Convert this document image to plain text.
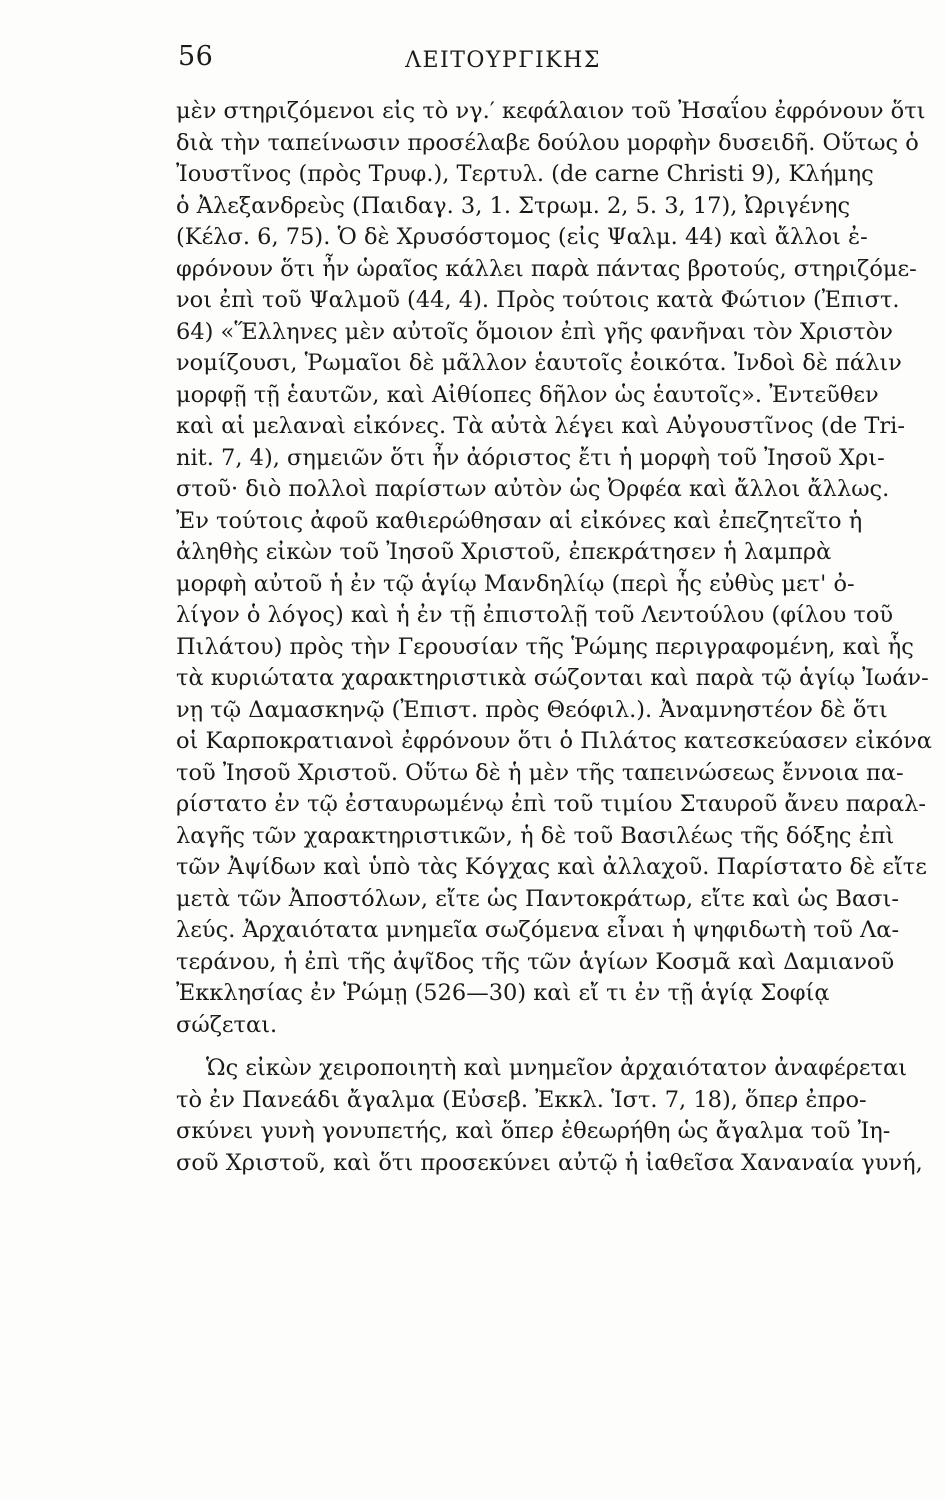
56	ΛΕΙΤΟΥΡΓΙΚΗΣ
μὲν στηριζόμενοι εἰς τὸ νγ.′ κεφάλαιον τοῦ Ἠσαΐου ἐφρόνουν ὅτι
διὰ τὴν ταπείνωσιν προσέλαβε δούλου μορφὴν δυσειδῆ. Οὕτως ὁ
Ἰουστῖνος (πρὸς Τρυφ.), Τερτυλ. (de carne Christi 9), Κλήμης
ὁ Ἀλεξανδρεὺς (Παιδαγ. 3, 1. Στρωμ. 2, 5. 3, 17), Ὠριγένης
(Κέλσ. 6, 75). Ὁ δὲ Χρυσόστομος (εἰς Ψαλμ. 44) καὶ ἄλλοι ἐ-
φρόνουν ὅτι ἦν ὡραῖος κάλλει παρὰ πάντας βροτούς, στηριζόμε-
νοι ἐπὶ τοῦ Ψαλμοῦ (44, 4). Πρὸς τούτοις κατὰ Φώτιον (Ἐπιστ.
64) «Ἕλληνες μὲν αὐτοῖς ὅμοιον ἐπὶ γῆς φανῆναι τὸν Χριστὸν
νομίζουσι, Ῥωμαῖοι δὲ μᾶλλον ἑαυτοῖς ἐοικότα. Ἰνδοὶ δὲ πάλιν
μορφῇ τῇ ἑαυτῶν, καὶ Αἰθίοπες δῆλον ὡς ἑαυτοῖς». Ἐντεῦθεν
καὶ αἱ μελαναὶ εἰκόνες. Τὰ αὐτὰ λέγει καὶ Αὐγουστῖνος (de Tri-
nit. 7, 4), σημειῶν ὅτι ἦν ἀόριστος ἔτι ἡ μορφὴ τοῦ Ἰησοῦ Χρι-
στοῦ· διὸ πολλοὶ παρίστων αὐτὸν ὡς Ὀρφέα καὶ ἄλλοι ἄλλως.
Ἐν τούτοις ἀφοῦ καθιερώθησαν αἱ εἰκόνες καὶ ἐπεζητεῖτο ἡ
ἀληθὴς εἰκὼν τοῦ Ἰησοῦ Χριστοῦ, ἐπεκράτησεν ἡ λαμπρὰ
μορφὴ αὐτοῦ ἡ ἐν τῷ ἁγίῳ Μανδηλίῳ (περὶ ἧς εὐθὺς μετ' ὀ-
λίγον ὁ λόγος) καὶ ἡ ἐν τῇ ἐπιστολῇ τοῦ Λεντούλου (φίλου τοῦ
Πιλάτου) πρὸς τὴν Γερουσίαν τῆς Ῥώμης περιγραφομένη, καὶ ἧς
τὰ κυριώτατα χαρακτηριστικὰ σώζονται καὶ παρὰ τῷ ἁγίῳ Ἰωάν-
νῃ τῷ Δαμασκηνῷ (Ἐπιστ. πρὸς Θεόφιλ.). Ἀναμνηστέον δὲ ὅτι
οἱ Καρποκρατιανοὶ ἐφρόνουν ὅτι ὁ Πιλάτος κατεσκεύασεν εἰκόνα
τοῦ Ἰησοῦ Χριστοῦ. Οὕτω δὲ ἡ μὲν τῆς ταπεινώσεως ἔννοια πα-
ρίστατο ἐν τῷ ἐσταυρωμένῳ ἐπὶ τοῦ τιμίου Σταυροῦ ἄνευ παραλ-
λαγῆς τῶν χαρακτηριστικῶν, ἡ δὲ τοῦ Βασιλέως τῆς δόξης ἐπὶ
τῶν Ἀψίδων καὶ ὑπὸ τὰς Κόγχας καὶ ἀλλαχοῦ. Παρίστατο δὲ εἴτε
μετὰ τῶν Ἀποστόλων, εἴτε ὡς Παντοκράτωρ, εἴτε καὶ ὡς Βασι-
λεύς. Ἀρχαιότατα μνημεῖα σωζόμενα εἶναι ἡ ψηφιδωτὴ τοῦ Λα-
τεράνου, ἡ ἐπὶ τῆς ἀψῖδος τῆς τῶν ἁγίων Κοσμᾶ καὶ Δαμιανοῦ
Ἐκκλησίας ἐν Ῥώμῃ (526—30) καὶ εἴ τι ἐν τῇ ἁγίᾳ Σοφίᾳ
σώζεται.
Ὡς εἰκὼν χειροποιητὴ καὶ μνημεῖον ἀρχαιότατον ἀναφέρεται
τὸ ἐν Πανεάδι ἄγαλμα (Εὐσεβ. Ἐκκλ. Ἱστ. 7, 18), ὅπερ ἐπρο-
σκύνει γυνὴ γονυπετής, καὶ ὅπερ ἐθεωρήθη ὡς ἄγαλμα τοῦ Ἰη-
σοῦ Χριστοῦ, καὶ ὅτι προσεκύνει αὐτῷ ἡ ἰαθεῖσα Χαναναία γυνή,
